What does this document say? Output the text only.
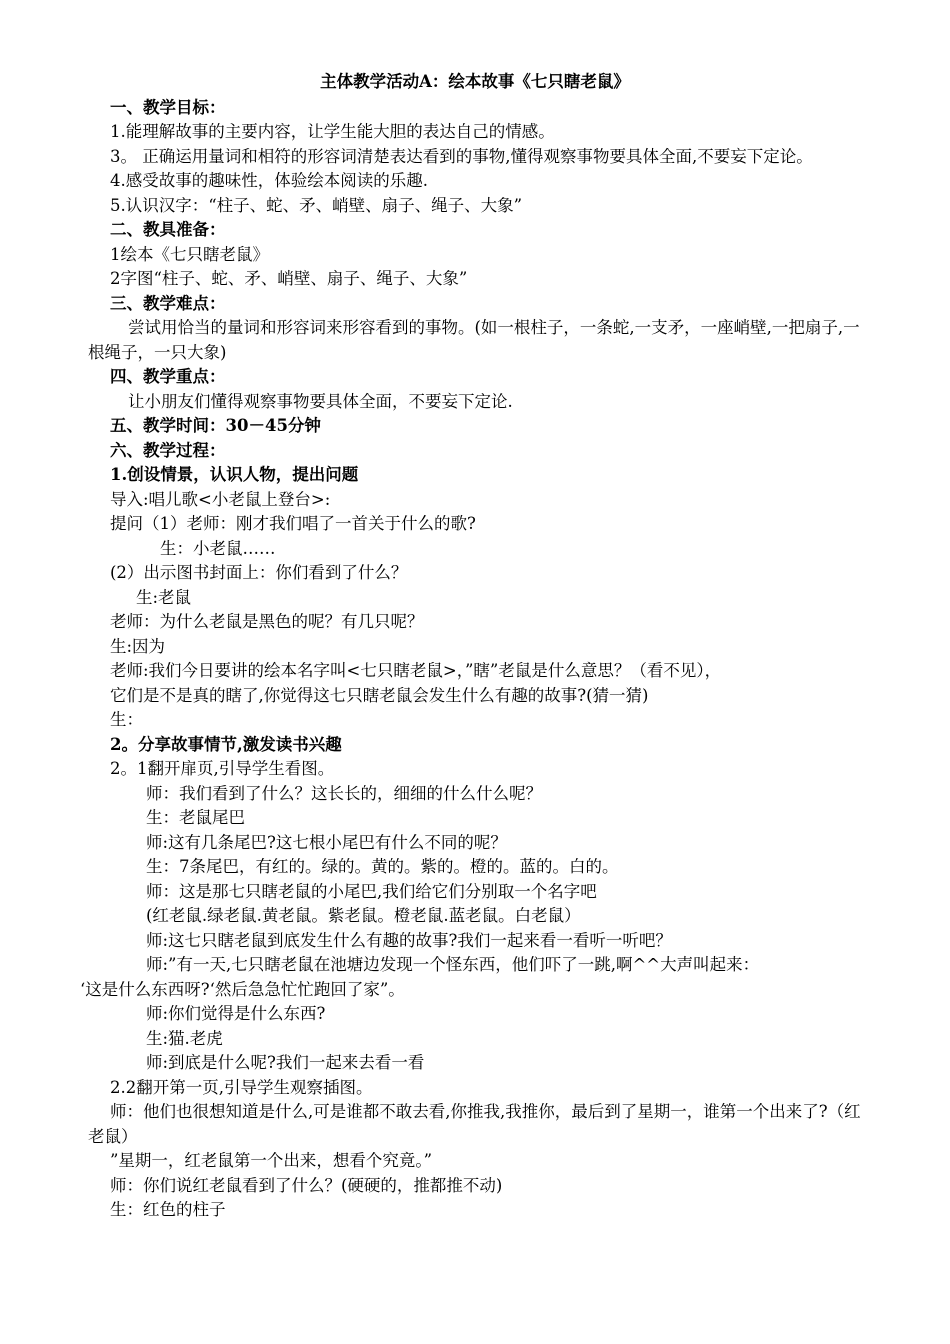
主体教学活动A：绘本故事《七只瞎老鼠》

一、教学目标：

1.能理解故事的主要内容，让学生能大胆的表达自己的情感。

3。 正确运用量词和相符的形容词清楚表达看到的事物,懂得观察事物要具体全面,不要妄下定论。

4.感受故事的趣味性，体验绘本阅读的乐趣.

5.认识汉字：“柱子、蛇、矛、峭壁、扇子、绳子、大象”

二、教具准备：

1绘本《七只瞎老鼠》

2字图“柱子、蛇、矛、峭壁、扇子、绳子、大象”

三、教学难点：

尝试用恰当的量词和形容词来形容看到的事物。(如一根柱子，一条蛇,一支矛，一座峭壁,一把扇子,一根绳子，一只大象)

四、教学重点：

让小朋友们懂得观察事物要具体全面，不要妄下定论.

五、教学时间：30－45分钟

六、教学过程：

1.创设情景，认识人物，提出问题

导入:唱儿歌<小老鼠上登台>:

提问（1）老师：刚才我们唱了一首关于什么的歌?

生：小老鼠……

(2）出示图书封面上：你们看到了什么？

生:老鼠

老师：为什么老鼠是黑色的呢？有几只呢？

生:因为

老师:我们今日要讲的绘本名字叫<七只瞎老鼠>，”瞎”老鼠是什么意思？（看不见），

它们是不是真的瞎了,你觉得这七只瞎老鼠会发生什么有趣的故事?(猜一猜)

生：

2。分享故事情节,激发读书兴趣

2。1翻开扉页,引导学生看图。

师：我们看到了什么？这长长的，细细的什么什么呢？

生：老鼠尾巴

师:这有几条尾巴?这七根小尾巴有什么不同的呢？

生：7条尾巴，有红的。绿的。黄的。紫的。橙的。蓝的。白的。

师：这是那七只瞎老鼠的小尾巴,我们给它们分别取一个名字吧

(红老鼠.绿老鼠.黄老鼠。紫老鼠。橙老鼠.蓝老鼠。白老鼠）

师:这七只瞎老鼠到底发生什么有趣的故事?我们一起来看一看听一听吧？

师:”有一天,七只瞎老鼠在池塘边发现一个怪东西，他们吓了一跳,啊^^大声叫起来：

‘这是什么东西呀?‘然后急急忙忙跑回了家”。

师:你们觉得是什么东西?

生:猫.老虎

师:到底是什么呢?我们一起来去看一看

2.2翻开第一页,引导学生观察插图。

师：他们也很想知道是什么,可是谁都不敢去看,你推我,我推你，最后到了星期一，谁第一个出来了?（红老鼠）

”星期一，红老鼠第一个出来，想看个究竟。”

师：你们说红老鼠看到了什么？(硬硬的，推都推不动)

生：红色的柱子
